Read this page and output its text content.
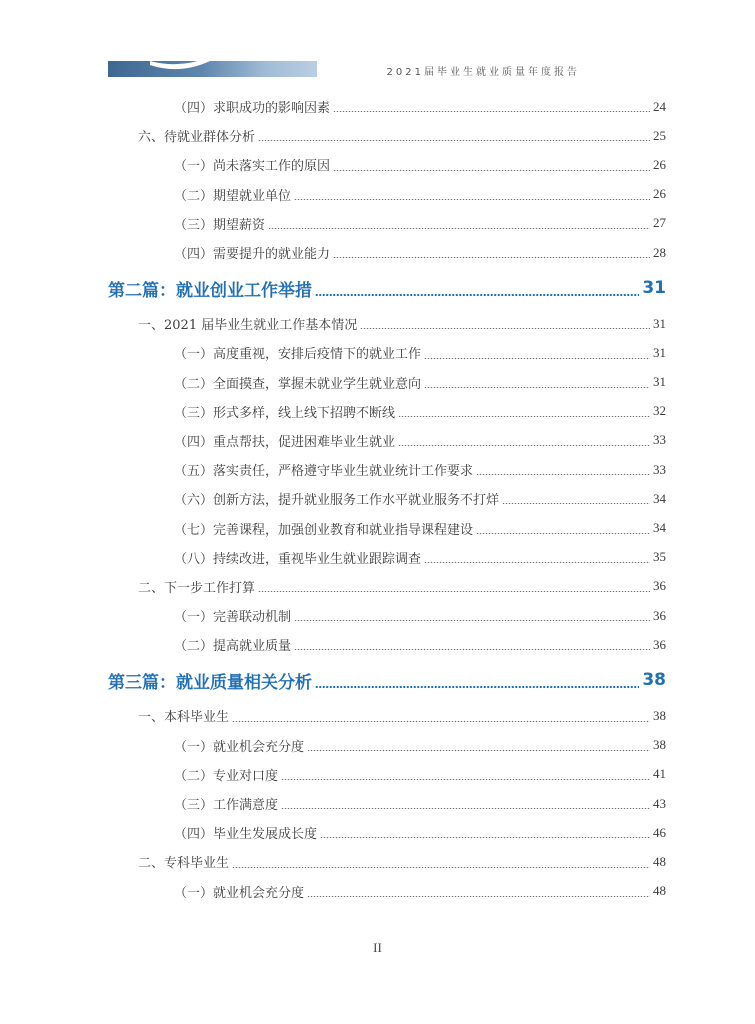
2021届毕业生就业质量年度报告
（四）求职成功的影响因素	24
六、待就业群体分析	25
（一）尚未落实工作的原因	26
（二）期望就业单位	26
（三）期望薪资	27
（四）需要提升的就业能力	28
第二篇：就业创业工作举措	31
一、2021 届毕业生就业工作基本情况	31
（一）高度重视，安排后疫情下的就业工作	31
（二）全面摸查，掌握未就业学生就业意向	31
（三）形式多样，线上线下招聘不断线	32
（四）重点帮扶，促进困难毕业生就业	33
（五）落实责任，严格遵守毕业生就业统计工作要求	33
（六）创新方法，提升就业服务工作水平就业服务不打烊	34
（七）完善课程，加强创业教育和就业指导课程建设	34
（八）持续改进，重视毕业生就业跟踪调查	35
二、下一步工作打算	36
（一）完善联动机制	36
（二）提高就业质量	36
第三篇：就业质量相关分析	38
一、本科毕业生	38
（一）就业机会充分度	38
（二）专业对口度	41
（三）工作满意度	43
（四）毕业生发展成长度	46
二、专科毕业生	48
（一）就业机会充分度	48
II
